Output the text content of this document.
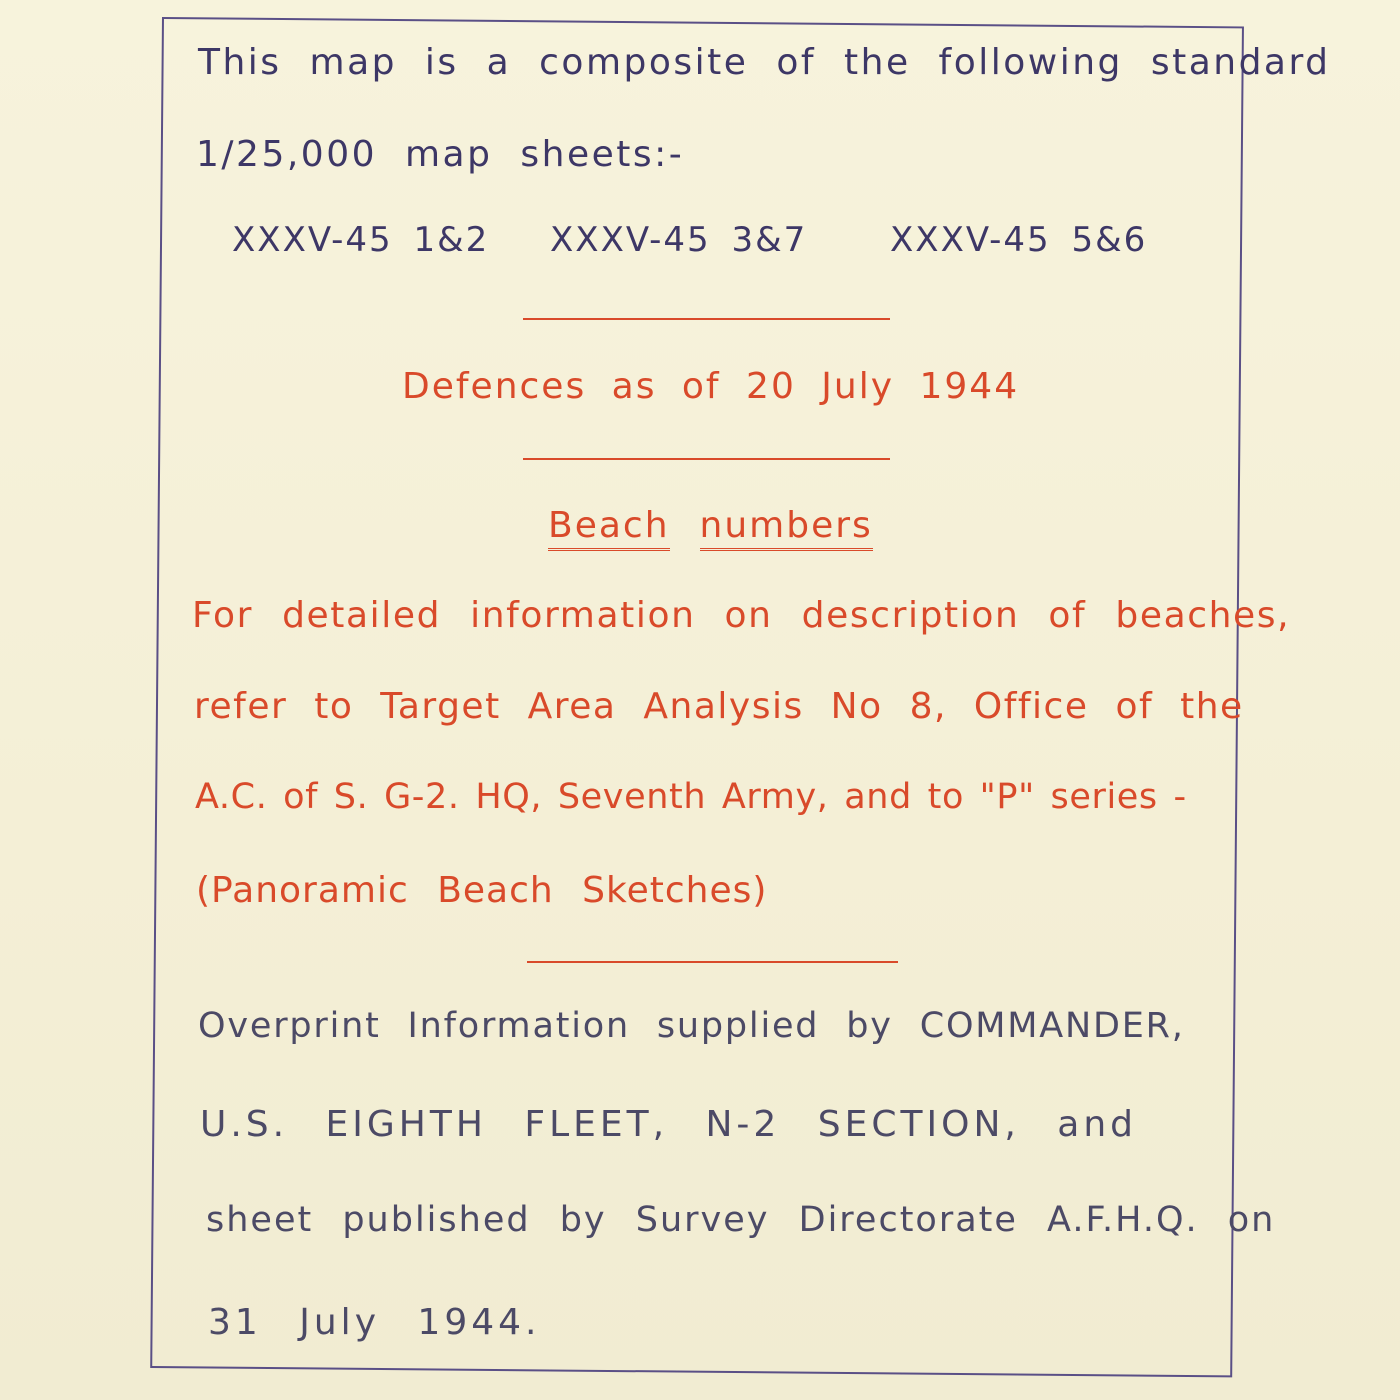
This map is a composite of the following standard
1/25,000 map sheets:-
XXXV-45 1&2 XXXV-45 3&7 XXXV-45 5&6
Defences as of 20 July 1944
Beach numbers
For detailed information on description of beaches,
refer to Target Area Analysis No 8, Office of the
A.C. of S. G-2. HQ, Seventh Army, and to "P" series -
(Panoramic Beach Sketches)
Overprint Information supplied by COMMANDER,
U.S. EIGHTH FLEET, N-2 SECTION, and
sheet published by Survey Directorate A.F.H.Q. on
31 July 1944.
